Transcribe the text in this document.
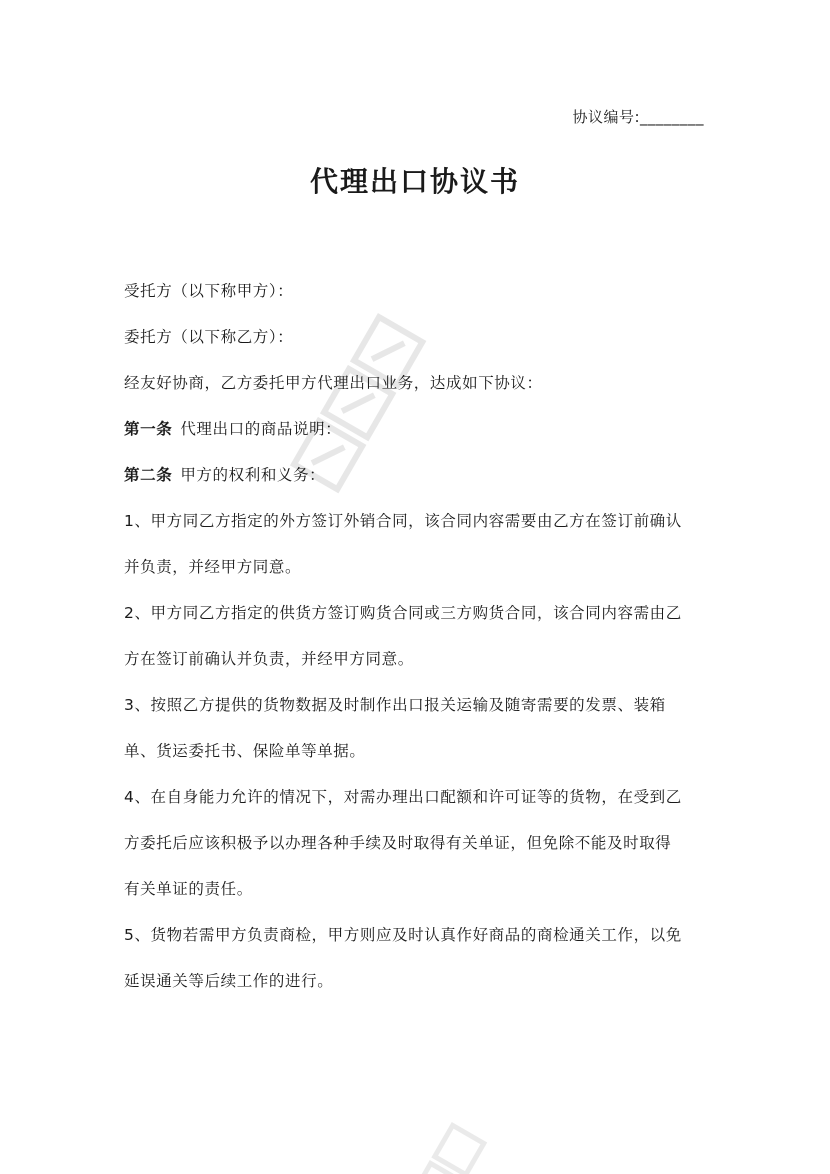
协议编号:________
代理出口协议书
受托方（以下称甲方）：
委托方（以下称乙方）：
经友好协商，乙方委托甲方代理出口业务，达成如下协议：
第一条 代理出口的商品说明：
第二条 甲方的权利和义务：
1、甲方同乙方指定的外方签订外销合同，该合同内容需要由乙方在签订前确认
并负责，并经甲方同意。
2、甲方同乙方指定的供货方签订购货合同或三方购货合同，该合同内容需由乙
方在签订前确认并负责，并经甲方同意。
3、按照乙方提供的货物数据及时制作出口报关运输及随寄需要的发票、装箱
单、货运委托书、保险单等单据。
4、在自身能力允许的情况下，对需办理出口配额和许可证等的货物，在受到乙
方委托后应该积极予以办理各种手续及时取得有关单证，但免除不能及时取得
有关单证的责任。
5、货物若需甲方负责商检，甲方则应及时认真作好商品的商检通关工作，以免
延误通关等后续工作的进行。
